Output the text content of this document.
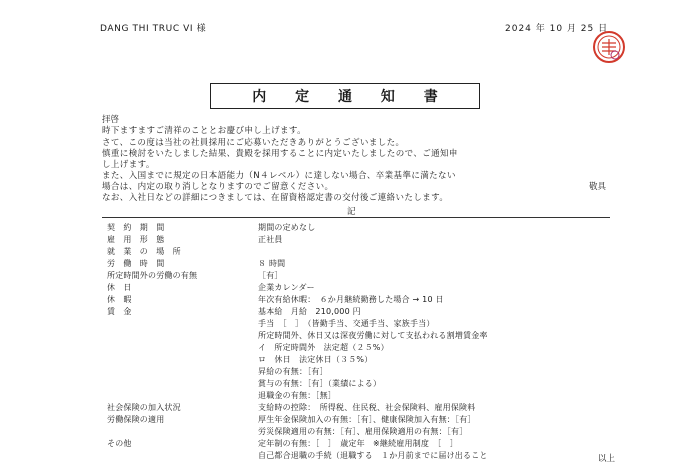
DANG THI TRUC VI 様	2024 年 10 月 25 日
内 定 通 知 書
拝啓
時下ますますご清祥のこととお慶び申し上げます。
さて、この度は当社の社員採用にご応募いただきありがとうございました。
慎重に検討をいたしました結果、貴殿を採用することに内定いたしましたので、ご通知申
し上げます。
また、入国までに規定の日本語能力（N４レベル）に達しない場合、卒業基準に満たない
場合は、内定の取り消しとなりますのでご留意ください。
なお、入社日などの詳細につきましては、在留資格認定書の交付後ご連絡いたします。
敬具
記
契　約　期　間	期間の定めなし
雇　用　形　態	正社員
就　業　の　場　所
労　働　時　間	８ 時間
所定時間外の労働の有無	［有］
休　日	企業カレンダー
休　暇	年次有給休暇：　６か月継続勤務した場合 → 10 日
賃　金	基本給　月給　210,000 円
手当　［　］　（皆勤手当、交通手当、家族手当）
所定時間外、休日又は深夜労働に対して支払われる割増賃金率
イ　所定時間外　法定超（２５%）
ロ　休日　法定休日（３５%）
昇給の有無：［有］
賞与の有無：［有］（業績による）
退職金の有無：［無］
社会保険の加入状況	支給時の控除：　所得税、住民税、社会保険料、雇用保険料
労働保険の適用	厚生年金保険加入の有無：［有］、健康保険加入有無：［有］
労災保険適用の有無：［有］、雇用保険適用の有無：［有］
その他	定年制の有無：［　］　歳定年　※継続雇用制度　［　］
自己都合退職の手続（退職する　１か月前までに届け出ること	以上
